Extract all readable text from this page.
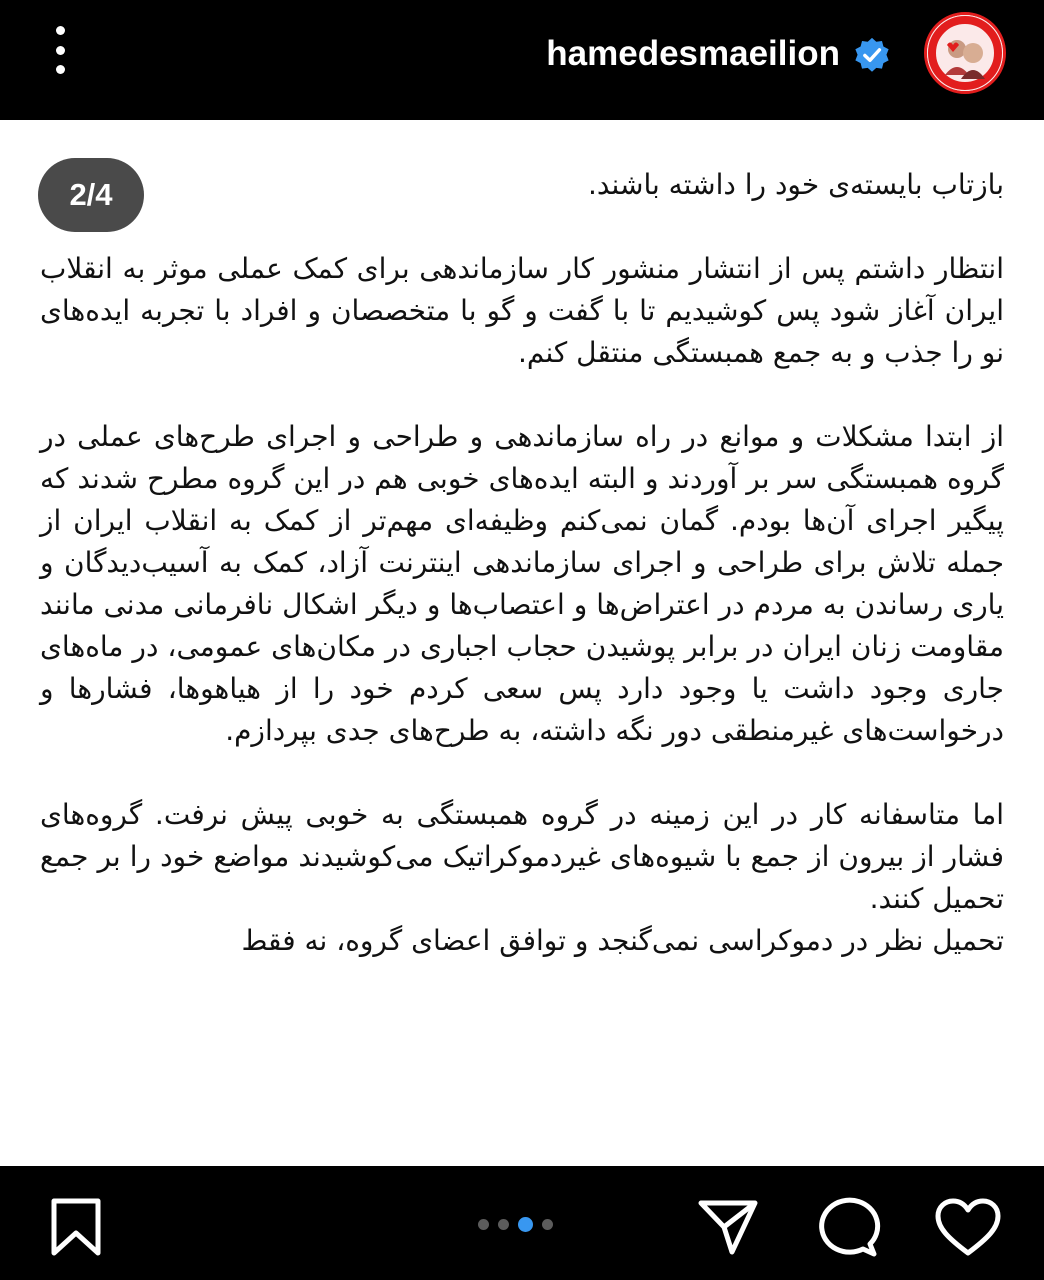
hamedesmaeilion
2/4	بازتاب بایسته‌ی خود را داشته باشند.

انتظار داشتم پس از انتشار منشور کار سازماندهی برای کمک عملی موثر به انقلاب ایران آغاز شود پس کوشیدیم تا با گفت و گو با متخصصان و افراد با تجربه ایده‌های نو را جذب و به جمع همبستگی منتقل کنم.

از ابتدا مشکلات و موانع در راه سازماندهی و طراحی و اجرای طرح‌های عملی در گروه همبستگی سر بر آوردند و البته ایده‌های خوبی هم در این گروه مطرح شدند که پیگیر اجرای آن‌ها بودم. گمان نمی‌کنم وظیفه‌ای مهم‌تر از کمک به انقلاب ایران از جمله تلاش برای طراحی و اجرای سازماندهی اینترنت آزاد، کمک به آسیب‌دیدگان و یاری رساندن به مردم در اعتراض‌ها و اعتصاب‌ها و دیگر اشکال نافرمانی مدنی مانند مقاومت زنان ایران در برابر پوشیدن حجاب اجباری در مکان‌های عمومی، در ماه‌های جاری وجود داشت یا وجود دارد پس سعی کردم خود را از هیاهوها، فشارها و درخواست‌های غیرمنطقی دور نگه داشته، به طرح‌های جدی بپردازم.

اما متاسفانه کار در این زمینه در گروه همبستگی به خوبی پیش نرفت. گروه‌های فشار از بیرون از جمع با شیوه‌های غیردموکراتیک می‌کوشیدند مواضع خود را بر جمع تحمیل کنند.

تحمیل نظر در دموکراسی نمی‌گنجد و توافق اعضای گروه، نه فقط
